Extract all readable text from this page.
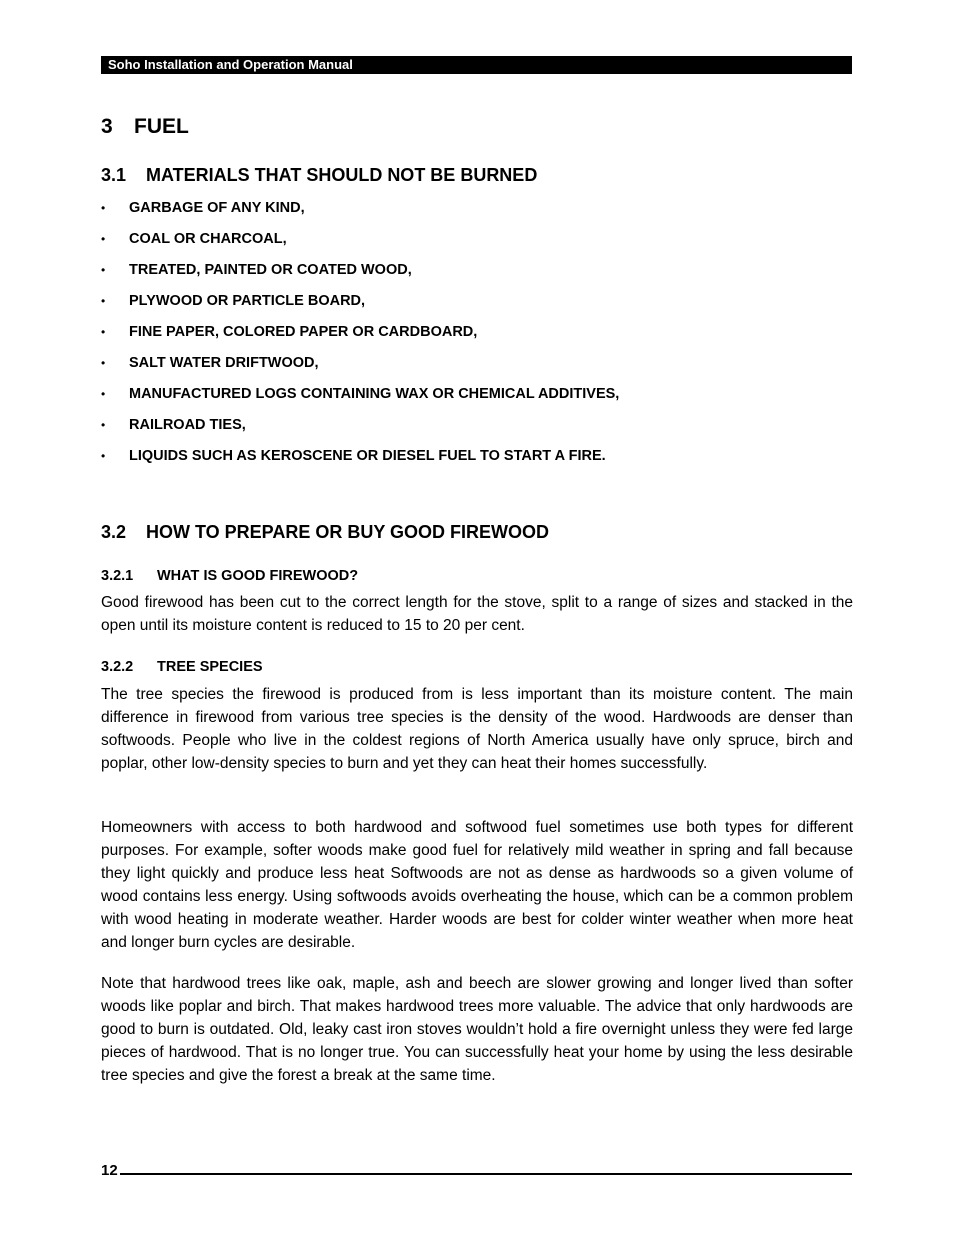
Soho Installation and Operation Manual
3 FUEL
3.1 MATERIALS THAT SHOULD NOT BE BURNED
• GARBAGE OF ANY KIND,
• COAL OR CHARCOAL,
• TREATED, PAINTED OR COATED WOOD,
• PLYWOOD OR PARTICLE BOARD,
• FINE PAPER, COLORED PAPER OR CARDBOARD,
• SALT WATER DRIFTWOOD,
• MANUFACTURED LOGS CONTAINING WAX OR CHEMICAL ADDITIVES,
• RAILROAD TIES,
• LIQUIDS SUCH AS KEROSCENE OR DIESEL FUEL TO START A FIRE.
3.2 HOW TO PREPARE OR BUY GOOD FIREWOOD
3.2.1 WHAT IS GOOD FIREWOOD?

Good firewood has been cut to the correct length for the stove, split to a range of sizes and stacked in the open until its moisture content is reduced to 15 to 20 per cent.

3.2.2 TREE SPECIES

The tree species the firewood is produced from is less important than its moisture content. The main difference in firewood from various tree species is the density of the wood. Hardwoods are denser than softwoods. People who live in the coldest regions of North America usually have only spruce, birch and poplar, other low-density species to burn and yet they can heat their homes successfully.

Homeowners with access to both hardwood and softwood fuel sometimes use both types for different purposes. For example, softer woods make good fuel for relatively mild weather in spring and fall because they light quickly and produce less heat Softwoods are not as dense as hardwoods so a given volume of wood contains less energy. Using softwoods avoids overheating the house, which can be a common problem with wood heating in moderate weather. Harder woods are best for colder winter weather when more heat and longer burn cycles are desirable.

Note that hardwood trees like oak, maple, ash and beech are slower growing and longer lived than softer woods like poplar and birch. That makes hardwood trees more valuable. The advice that only hardwoods are good to burn is outdated. Old, leaky cast iron stoves wouldn’t hold a fire overnight unless they were fed large pieces of hardwood. That is no longer true. You can successfully heat your home by using the less desirable tree species and give the forest a break at the same time.

12
